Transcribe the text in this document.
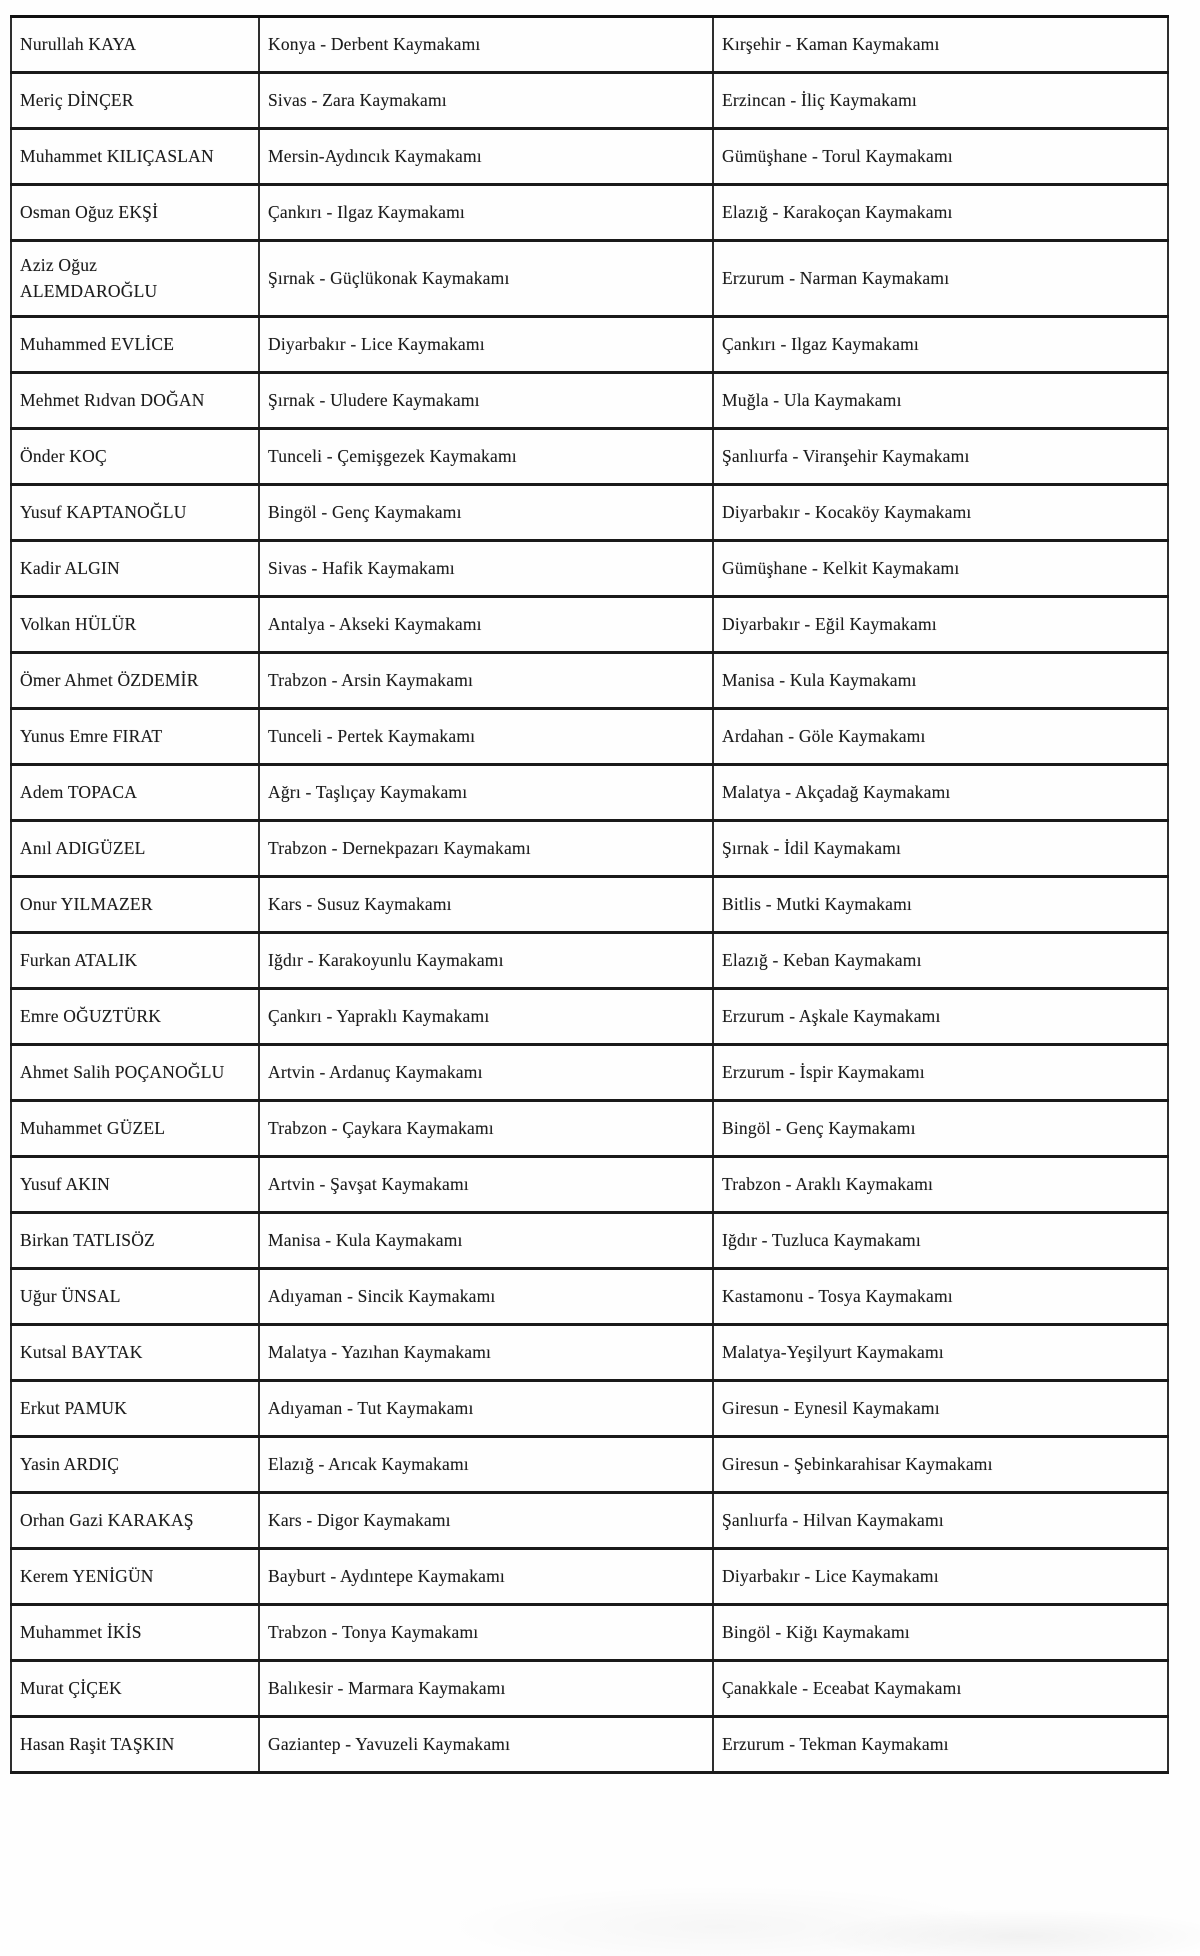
Nurullah KAYA	Konya - Derbent Kaymakamı	Kırşehir - Kaman Kaymakamı
Meriç DİNÇER	Sivas - Zara Kaymakamı	Erzincan - İliç Kaymakamı
Muhammet KILIÇASLAN	Mersin-Aydıncık Kaymakamı	Gümüşhane - Torul Kaymakamı
Osman Oğuz EKŞİ	Çankırı - Ilgaz Kaymakamı	Elazığ - Karakoçan Kaymakamı
Aziz Oğuz ALEMDAROĞLU	Şırnak - Güçlükonak Kaymakamı	Erzurum - Narman Kaymakamı
Muhammed EVLİCE	Diyarbakır - Lice Kaymakamı	Çankırı - Ilgaz Kaymakamı
Mehmet Rıdvan DOĞAN	Şırnak - Uludere Kaymakamı	Muğla - Ula Kaymakamı
Önder KOÇ	Tunceli - Çemişgezek Kaymakamı	Şanlıurfa - Viranşehir Kaymakamı
Yusuf KAPTANOĞLU	Bingöl - Genç Kaymakamı	Diyarbakır - Kocaköy Kaymakamı
Kadir ALGIN	Sivas - Hafik Kaymakamı	Gümüşhane - Kelkit Kaymakamı
Volkan HÜLÜR	Antalya - Akseki Kaymakamı	Diyarbakır - Eğil Kaymakamı
Ömer Ahmet ÖZDEMİR	Trabzon - Arsin Kaymakamı	Manisa - Kula Kaymakamı
Yunus Emre FIRAT	Tunceli - Pertek Kaymakamı	Ardahan - Göle Kaymakamı
Adem TOPACA	Ağrı - Taşlıçay Kaymakamı	Malatya - Akçadağ Kaymakamı
Anıl ADIGÜZEL	Trabzon - Dernekpazarı Kaymakamı	Şırnak - İdil Kaymakamı
Onur YILMAZER	Kars - Susuz Kaymakamı	Bitlis - Mutki Kaymakamı
Furkan ATALIK	Iğdır - Karakoyunlu Kaymakamı	Elazığ - Keban Kaymakamı
Emre OĞUZTÜRK	Çankırı - Yapraklı Kaymakamı	Erzurum - Aşkale Kaymakamı
Ahmet Salih POÇANOĞLU	Artvin - Ardanuç Kaymakamı	Erzurum - İspir Kaymakamı
Muhammet GÜZEL	Trabzon - Çaykara Kaymakamı	Bingöl - Genç Kaymakamı
Yusuf AKIN	Artvin - Şavşat Kaymakamı	Trabzon - Araklı Kaymakamı
Birkan TATLISÖZ	Manisa - Kula Kaymakamı	Iğdır - Tuzluca Kaymakamı
Uğur ÜNSAL	Adıyaman - Sincik Kaymakamı	Kastamonu - Tosya Kaymakamı
Kutsal BAYTAK	Malatya - Yazıhan Kaymakamı	Malatya-Yeşilyurt Kaymakamı
Erkut PAMUK	Adıyaman - Tut Kaymakamı	Giresun - Eynesil Kaymakamı
Yasin ARDIÇ	Elazığ - Arıcak Kaymakamı	Giresun - Şebinkarahisar Kaymakamı
Orhan Gazi KARAKAŞ	Kars - Digor Kaymakamı	Şanlıurfa - Hilvan Kaymakamı
Kerem YENİGÜN	Bayburt - Aydıntepe Kaymakamı	Diyarbakır - Lice Kaymakamı
Muhammet İKİS	Trabzon - Tonya Kaymakamı	Bingöl - Kiğı Kaymakamı
Murat ÇİÇEK	Balıkesir - Marmara Kaymakamı	Çanakkale - Eceabat Kaymakamı
Hasan Raşit TAŞKIN	Gaziantep - Yavuzeli Kaymakamı	Erzurum - Tekman Kaymakamı
